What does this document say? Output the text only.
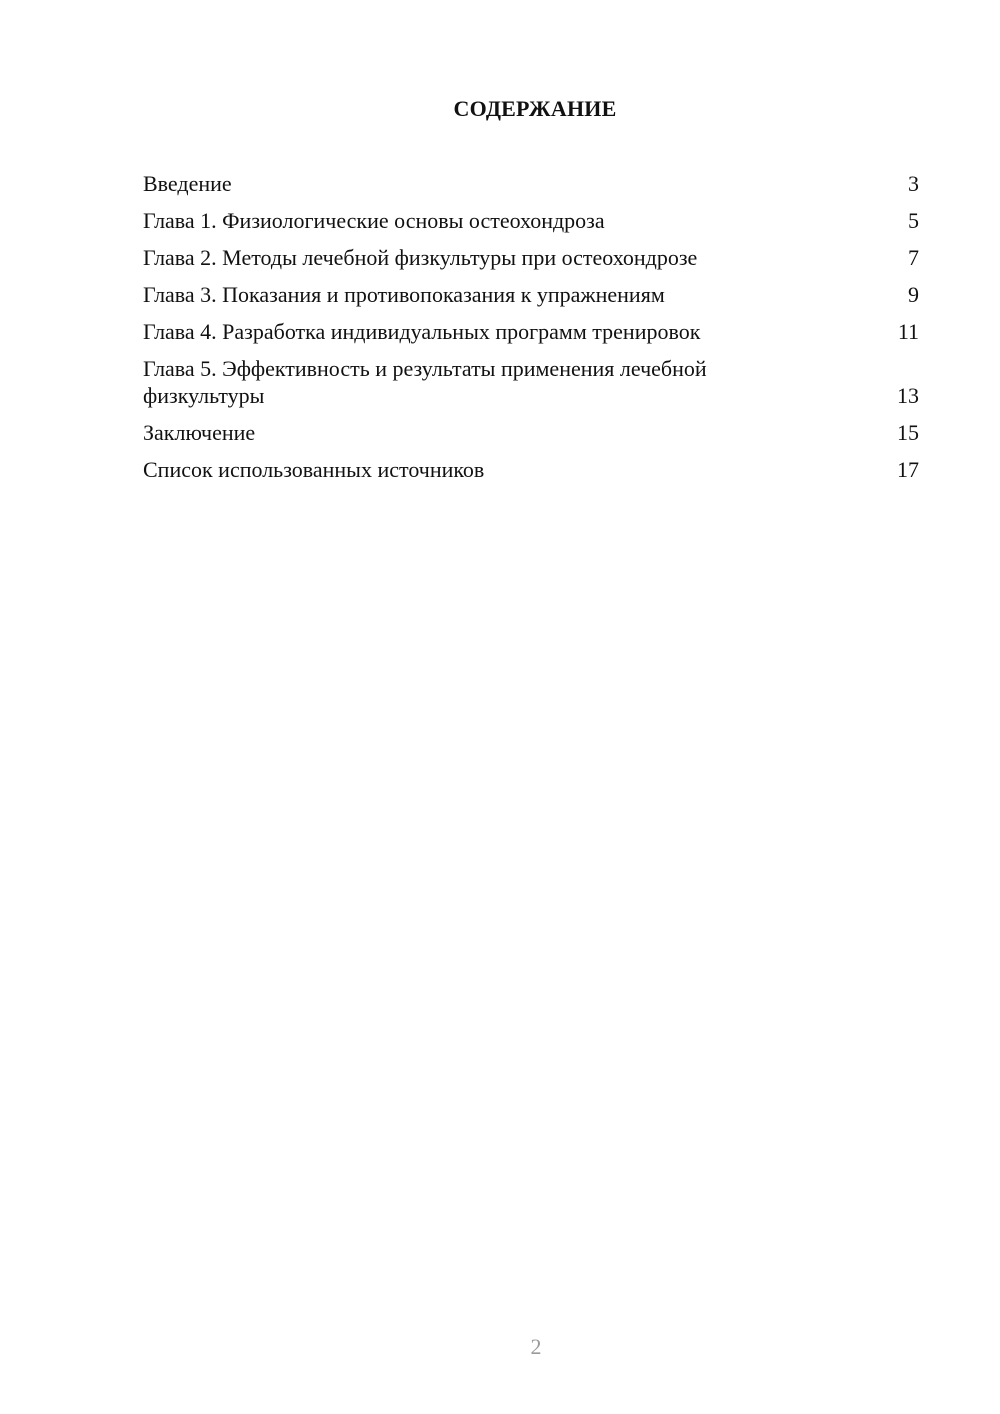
СОДЕРЖАНИЕ
Введение	3
Глава 1. Физиологические основы остеохондроза	5
Глава 2. Методы лечебной физкультуры при остеохондрозе	7
Глава 3. Показания и противопоказания к упражнениям	9
Глава 4. Разработка индивидуальных программ тренировок	11
Глава 5. Эффективность и результаты применения лечебной физкультуры	13
Заключение	15
Список использованных источников	17
2
